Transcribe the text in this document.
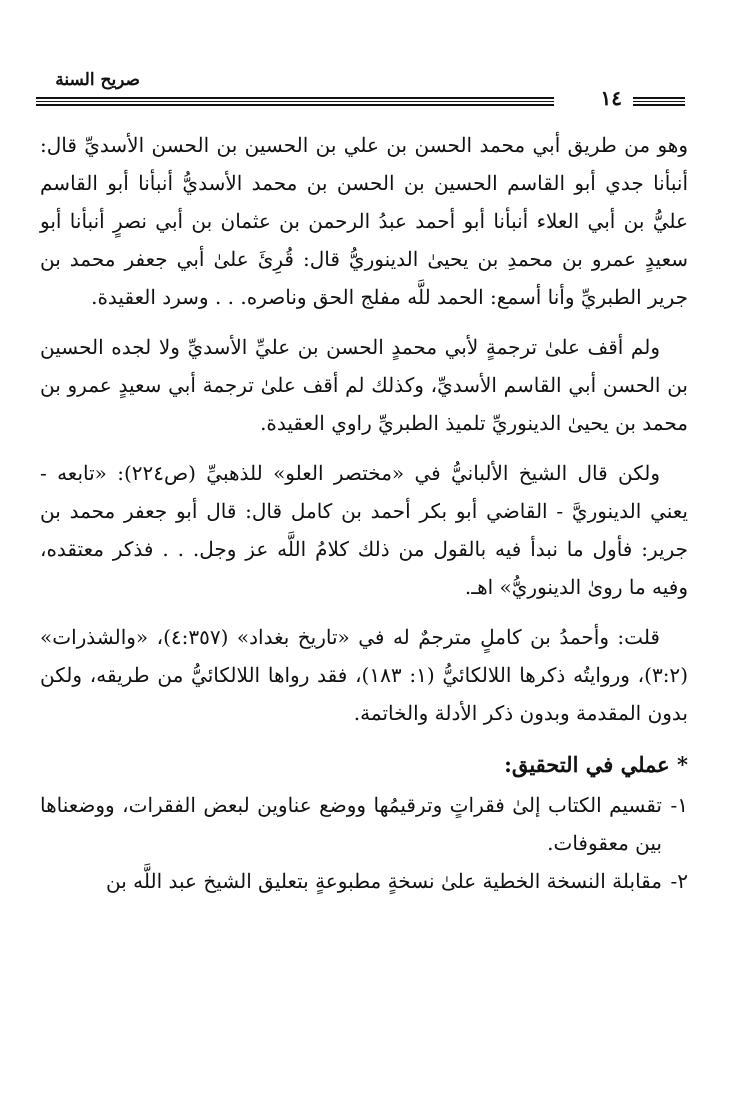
صريح السنة
١٤

وهو من طريق أبي محمد الحسن بن علي بن الحسين بن الحسن الأسديِّ قال: أنبأنا جدي أبو القاسم الحسين بن الحسن بن محمد الأسديُّ أنبأنا أبو القاسم عليُّ بن أبي العلاء أنبأنا أبو أحمد عبدُ الرحمن بن عثمان بن أبي نصرٍ أنبأنا أبو سعيدٍ عمرو بن محمدِ بن يحيىٰ الدينوريُّ قال: قُرِئَ علىٰ أبي جعفر محمد بن جرير الطبريِّ وأنا أسمع: الحمد للَّه مفلج الحق وناصره. . . وسرد العقيدة.

ولم أقف علىٰ ترجمةٍ لأبي محمدٍ الحسن بن عليِّ الأسديِّ ولا لجده الحسين بن الحسن أبي القاسم الأسديِّ، وكذلك لم أقف علىٰ ترجمة أبي سعيدٍ عمرو بن محمد بن يحيىٰ الدينوريِّ تلميذ الطبريِّ راوي العقيدة.

ولكن قال الشيخ الألبانيُّ في «مختصر العلو» للذهبيِّ (ص٢٢٤): «تابعه - يعني الدينوريَّ - القاضي أبو بكر أحمد بن كامل قال: قال أبو جعفر محمد بن جرير: فأول ما نبدأ فيه بالقول من ذلك كلامُ اللَّه عز وجل. . . فذكر معتقده، وفيه ما روىٰ الدينوريُّ» اهـ.

قلت: وأحمدُ بن كاملٍ مترجمٌ له في «تاريخ بغداد» (٤:٣٥٧)، «والشذرات» (٣:٢)، وروايتُه ذكرها اللالكائيُّ (١: ١٨٣)، فقد رواها اللالكائيُّ من طريقه، ولكن بدون المقدمة وبدون ذكر الأدلة والخاتمة.

* عملي في التحقيق:

١-تقسيم الكتاب إلىٰ فقراتٍ وترقيمُها ووضع عناوين لبعض الفقرات، ووضعناها بين معقوفات.

٢-مقابلة النسخة الخطية علىٰ نسخةٍ مطبوعةٍ بتعليق الشيخ عبد اللَّه بن
